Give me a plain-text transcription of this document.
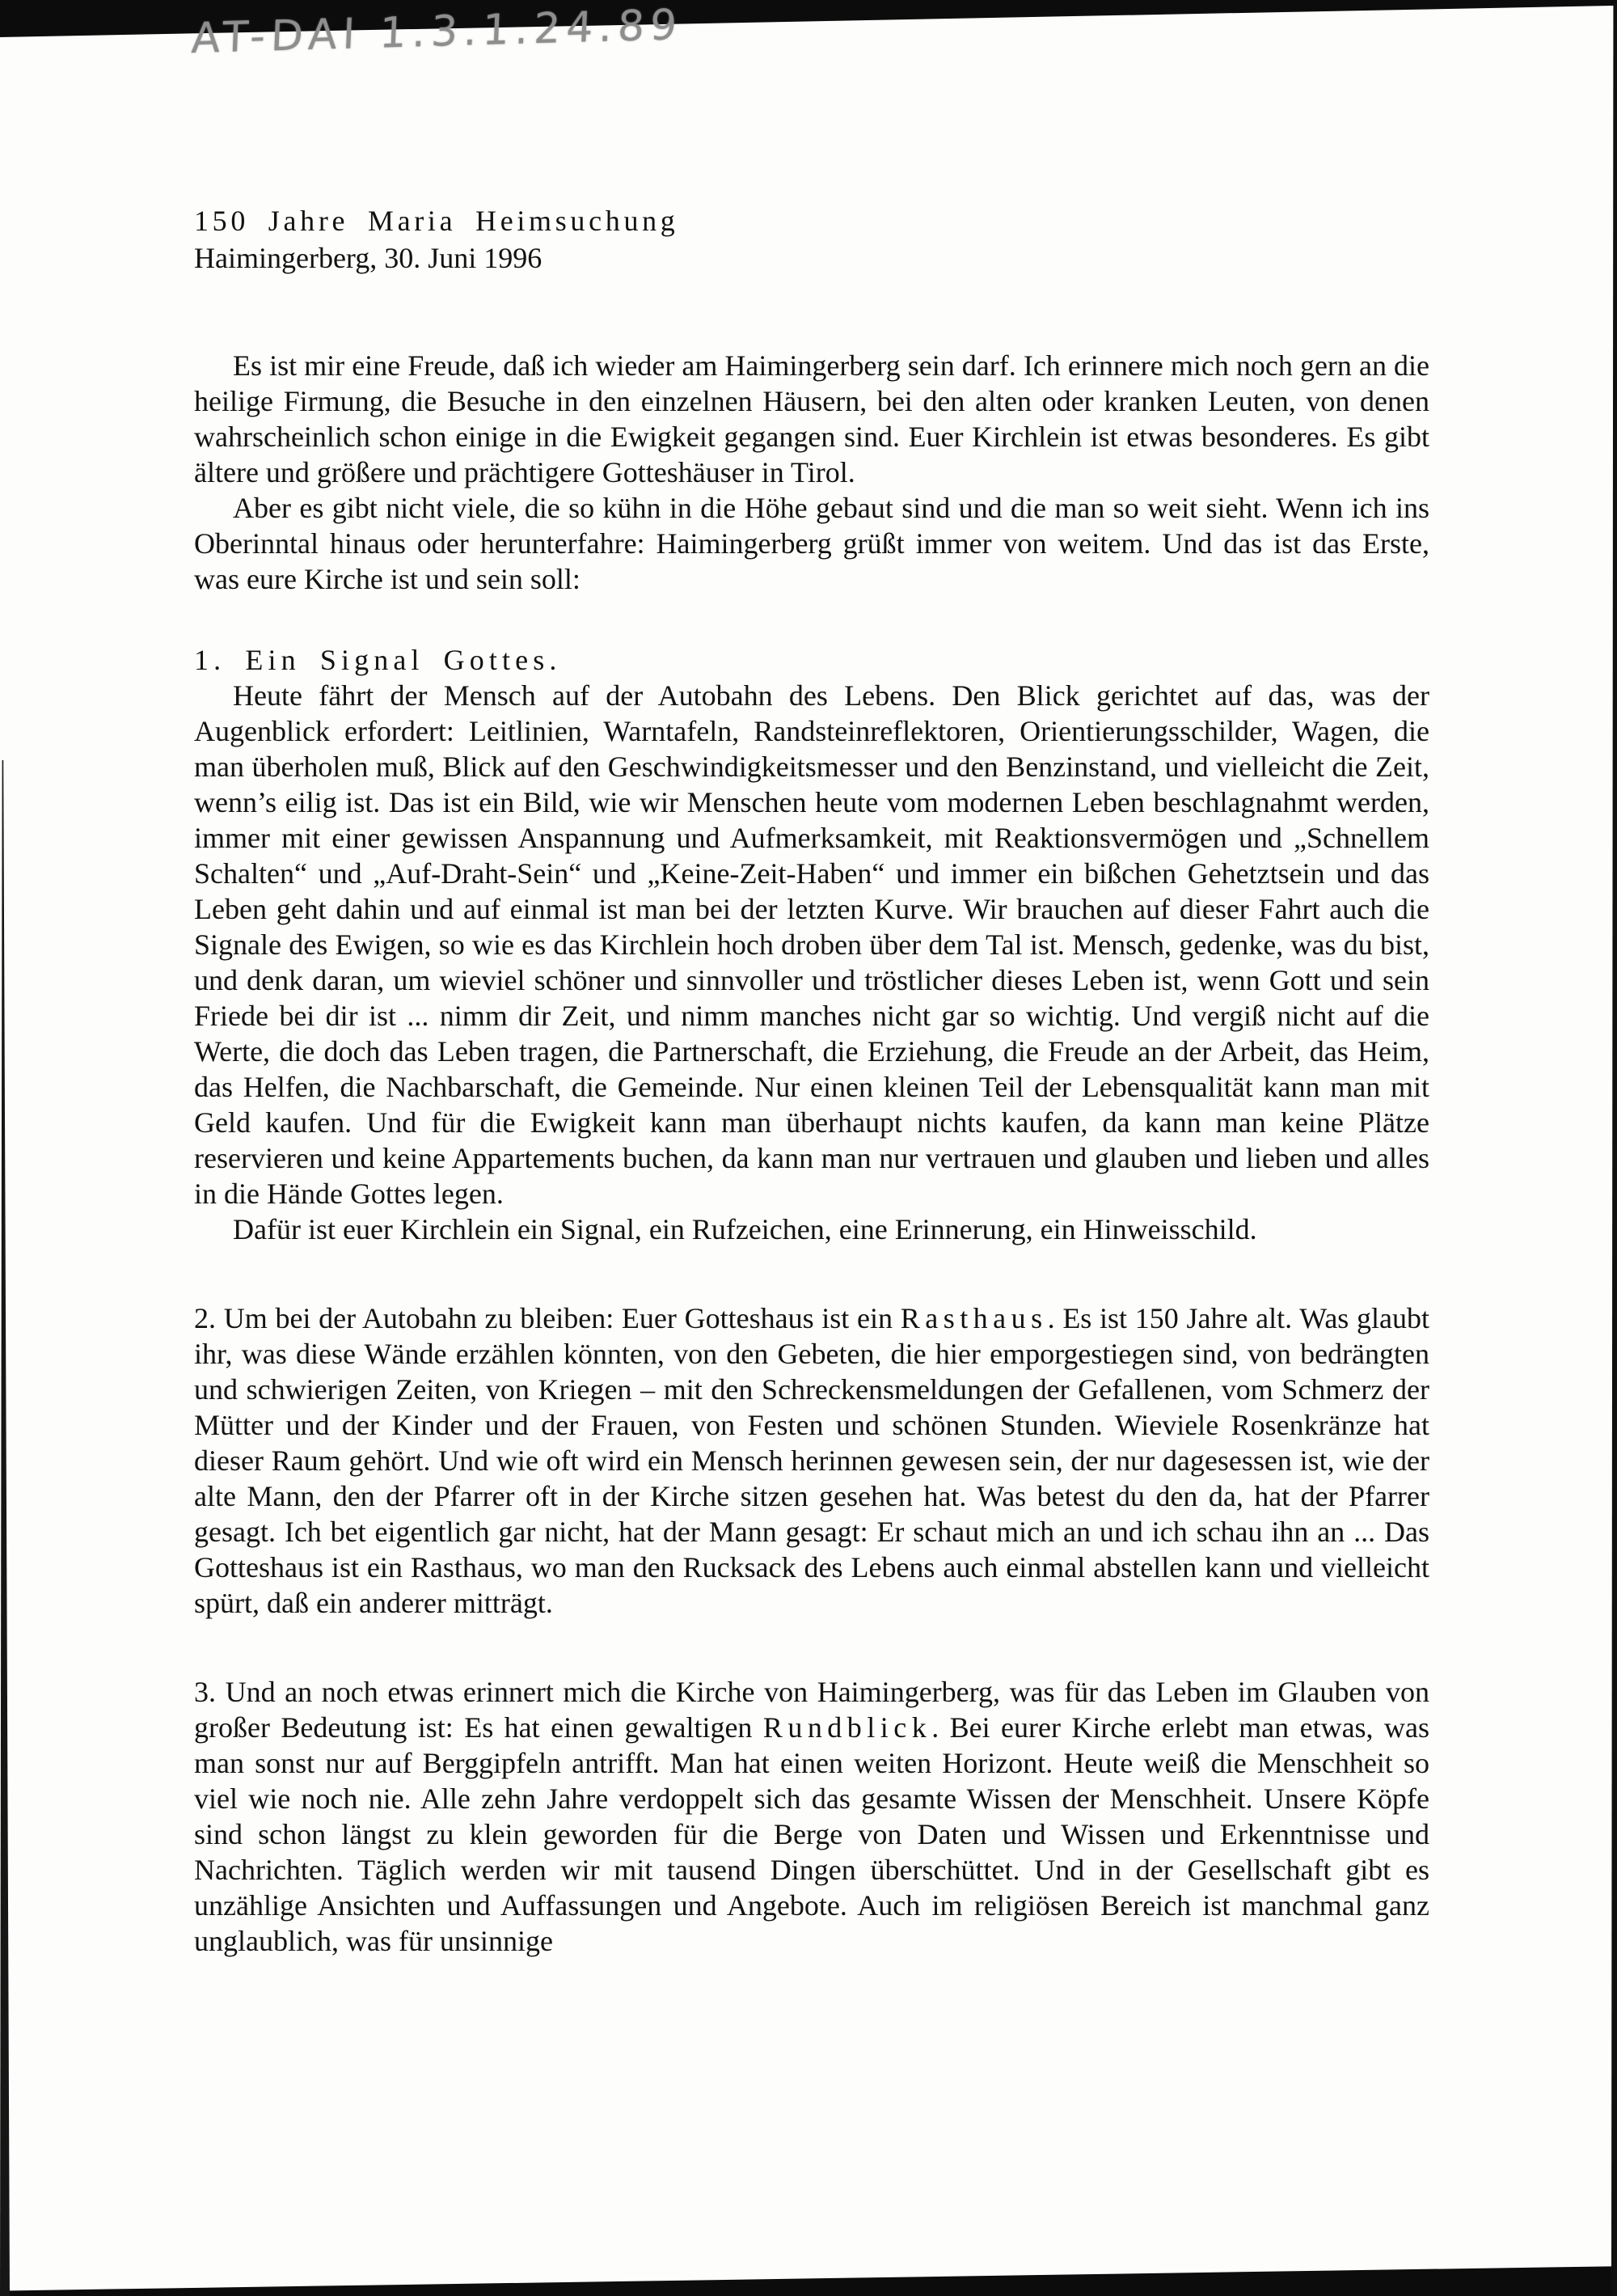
AT-DAI 1.3.1.24.89
150 Jahre Maria Heimsuchung
Haimingerberg, 30. Juni 1996

Es ist mir eine Freude, daß ich wieder am Haimingerberg sein darf. Ich erinnere mich noch gern an die heilige Firmung, die Besuche in den einzelnen Häusern, bei den alten oder kranken Leuten, von denen wahrscheinlich schon einige in die Ewigkeit gegangen sind. Euer Kirchlein ist etwas besonderes. Es gibt ältere und größere und prächtigere Gotteshäuser in Tirol.

Aber es gibt nicht viele, die so kühn in die Höhe gebaut sind und die man so weit sieht. Wenn ich ins Oberinntal hinaus oder herunterfahre: Haimingerberg grüßt immer von weitem. Und das ist das Erste, was eure Kirche ist und sein soll:

1. Ein Signal Gottes.

Heute fährt der Mensch auf der Autobahn des Lebens. Den Blick gerichtet auf das, was der Augenblick erfordert: Leitlinien, Warntafeln, Randsteinreflektoren, Orientierungsschilder, Wagen, die man überholen muß, Blick auf den Geschwindigkeitsmesser und den Benzinstand, und vielleicht die Zeit, wenn’s eilig ist. Das ist ein Bild, wie wir Menschen heute vom modernen Leben beschlagnahmt werden, immer mit einer gewissen Anspannung und Aufmerksamkeit, mit Reaktionsvermögen und „Schnellem Schalten“ und „Auf-Draht-Sein“ und „Keine-Zeit-Haben“ und immer ein bißchen Gehetztsein und das Leben geht dahin und auf einmal ist man bei der letzten Kurve. Wir brauchen auf dieser Fahrt auch die Signale des Ewigen, so wie es das Kirchlein hoch droben über dem Tal ist. Mensch, gedenke, was du bist, und denk daran, um wieviel schöner und sinnvoller und tröstlicher dieses Leben ist, wenn Gott und sein Friede bei dir ist ... nimm dir Zeit, und nimm manches nicht gar so wichtig. Und vergiß nicht auf die Werte, die doch das Leben tragen, die Partnerschaft, die Erziehung, die Freude an der Arbeit, das Heim, das Helfen, die Nachbarschaft, die Gemeinde. Nur einen kleinen Teil der Lebensqualität kann man mit Geld kaufen. Und für die Ewigkeit kann man überhaupt nichts kaufen, da kann man keine Plätze reservieren und keine Appartements buchen, da kann man nur vertrauen und glauben und lieben und alles in die Hände Gottes legen.

Dafür ist euer Kirchlein ein Signal, ein Rufzeichen, eine Erinnerung, ein Hinweisschild.

2. Um bei der Autobahn zu bleiben: Euer Gotteshaus ist ein Rasthaus. Es ist 150 Jahre alt. Was glaubt ihr, was diese Wände erzählen könnten, von den Gebeten, die hier emporgestiegen sind, von bedrängten und schwierigen Zeiten, von Kriegen – mit den Schreckensmeldungen der Gefallenen, vom Schmerz der Mütter und der Kinder und der Frauen, von Festen und schönen Stunden. Wieviele Rosenkränze hat dieser Raum gehört. Und wie oft wird ein Mensch herinnen gewesen sein, der nur dagesessen ist, wie der alte Mann, den der Pfarrer oft in der Kirche sitzen gesehen hat. Was betest du den da, hat der Pfarrer gesagt. Ich bet eigentlich gar nicht, hat der Mann gesagt: Er schaut mich an und ich schau ihn an ... Das Gotteshaus ist ein Rasthaus, wo man den Rucksack des Lebens auch einmal abstellen kann und vielleicht spürt, daß ein anderer mitträgt.

3. Und an noch etwas erinnert mich die Kirche von Haimingerberg, was für das Leben im Glauben von großer Bedeutung ist: Es hat einen gewaltigen Rundblick. Bei eurer Kirche erlebt man etwas, was man sonst nur auf Berggipfeln antrifft. Man hat einen weiten Horizont. Heute weiß die Menschheit so viel wie noch nie. Alle zehn Jahre verdoppelt sich das gesamte Wissen der Menschheit. Unsere Köpfe sind schon längst zu klein geworden für die Berge von Daten und Wissen und Erkenntnisse und Nachrichten. Täglich werden wir mit tausend Dingen überschüttet. Und in der Gesellschaft gibt es unzählige Ansichten und Auffassungen und Angebote. Auch im religiösen Bereich ist manchmal ganz unglaublich, was für unsinnige
